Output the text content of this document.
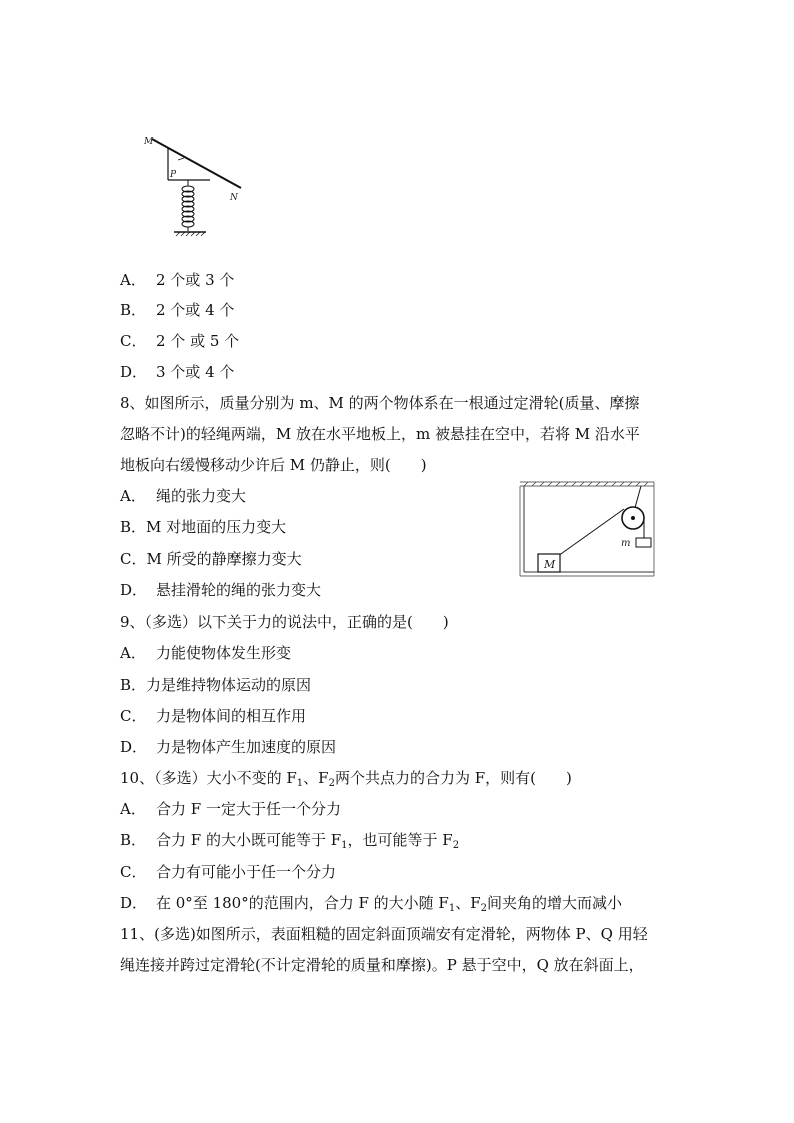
M
P
N
A． 2 个或 3 个
B． 2 个或 4 个
C． 2 个 或 5 个
D． 3 个或 4 个
8、如图所示，质量分别为 m、M 的两个物体系在一根通过定滑轮(质量、摩擦
忽略不计)的轻绳两端，M 放在水平地板上，m 被悬挂在空中，若将 M 沿水平
地板向右缓慢移动少许后 M 仍静止，则(　　)
A． 绳的张力变大
B．M 对地面的压力变大
C．M 所受的静摩擦力变大
D． 悬挂滑轮的绳的张力变大
M
m
9、（多选）以下关于力的说法中，正确的是(　　)
A． 力能使物体发生形变
B．力是维持物体运动的原因
C． 力是物体间的相互作用
D． 力是物体产生加速度的原因
10、（多选）大小不变的 $F_1$、$F_2$两个共点力的合力为 F，则有(　　)
A． 合力 F 一定大于任一个分力
B． 合力 F 的大小既可能等于 $F_1$，也可能等于 $F_2$
C． 合力有可能小于任一个分力
D． 在 0°至 180°的范围内，合力 F 的大小随 $F_1$、$F_2$间夹角的增大而减小
11、(多选)如图所示，表面粗糙的固定斜面顶端安有定滑轮，两物体 P、Q 用轻
绳连接并跨过定滑轮(不计定滑轮的质量和摩擦)。P 悬于空中，Q 放在斜面上，
